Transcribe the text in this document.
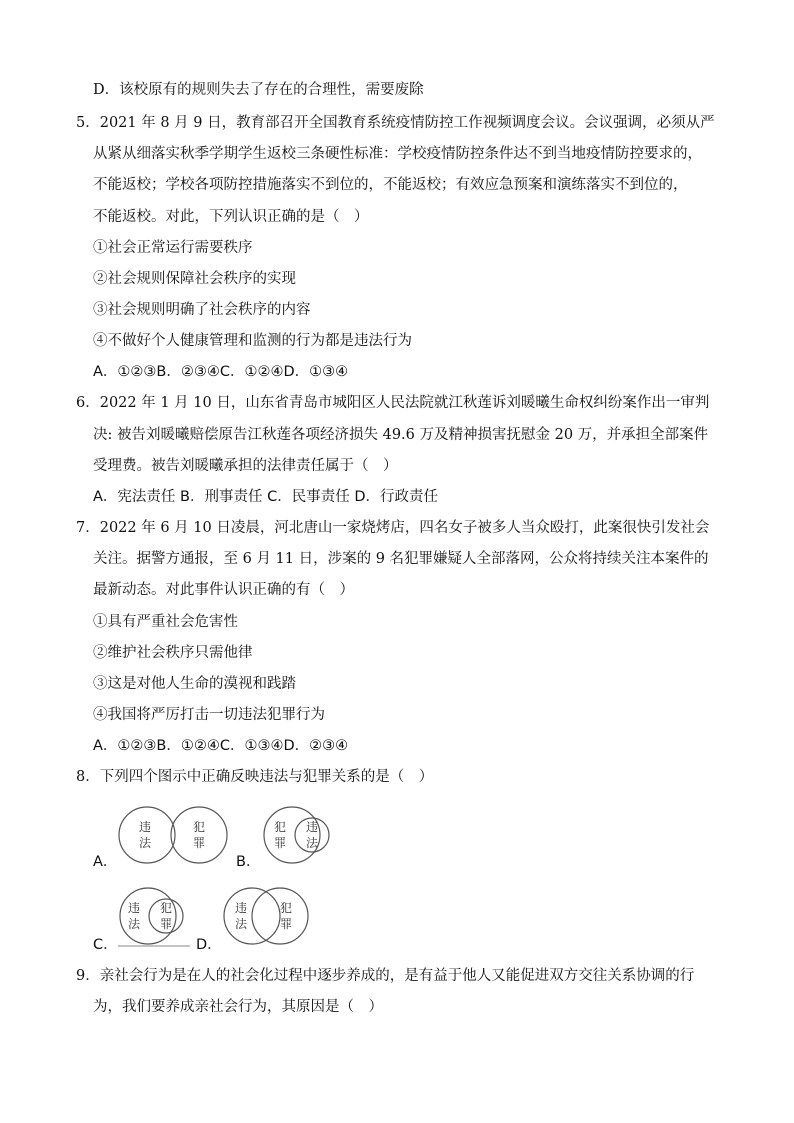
D．该校原有的规则失去了存在的合理性，需要废除
5．2021 年 8 月 9 日，教育部召开全国教育系统疫情防控工作视频调度会议。会议强调，必须从严
从紧从细落实秋季学期学生返校三条硬性标准：学校疫情防控条件达不到当地疫情防控要求的，
不能返校；学校各项防控措施落实不到位的，不能返校；有效应急预案和演练落实不到位的，
不能返校。对此，下列认识正确的是（　）
①社会正常运行需要秩序
②社会规则保障社会秩序的实现
③社会规则明确了社会秩序的内容
④不做好个人健康管理和监测的行为都是违法行为
A．①②③B．②③④C．①②④D．①③④
6．2022 年 1 月 10 日，山东省青岛市城阳区人民法院就江秋莲诉刘暖曦生命权纠纷案作出一审判
决: 被告刘暖曦赔偿原告江秋莲各项经济损失 49.6 万及精神损害抚慰金 20 万，并承担全部案件
受理费。被告刘暖曦承担的法律责任属于（　）
A．宪法责任 B．刑事责任 C．民事责任 D．行政责任
7．2022 年 6 月 10 日凌晨，河北唐山一家烧烤店，四名女子被多人当众殴打，此案很快引发社会
关注。据警方通报，至 6 月 11 日，涉案的 9 名犯罪嫌疑人全部落网，公众将持续关注本案件的
最新动态。对此事件认识正确的有（　）
①具有严重社会危害性
②维护社会秩序只需他律
③这是对他人生命的漠视和践踏
④我国将严厉打击一切违法犯罪行为
A．①②③B．①②④C．①③④D．②③④
8．下列四个图示中正确反映违法与犯罪关系的是（　）
A．
违
法
犯
罪
B．
犯
罪
违
法
C．
违
法
犯
罪
D．
违
法
犯
罪
9．亲社会行为是在人的社会化过程中逐步养成的，是有益于他人又能促进双方交往关系协调的行
为，我们要养成亲社会行为，其原因是（　）
